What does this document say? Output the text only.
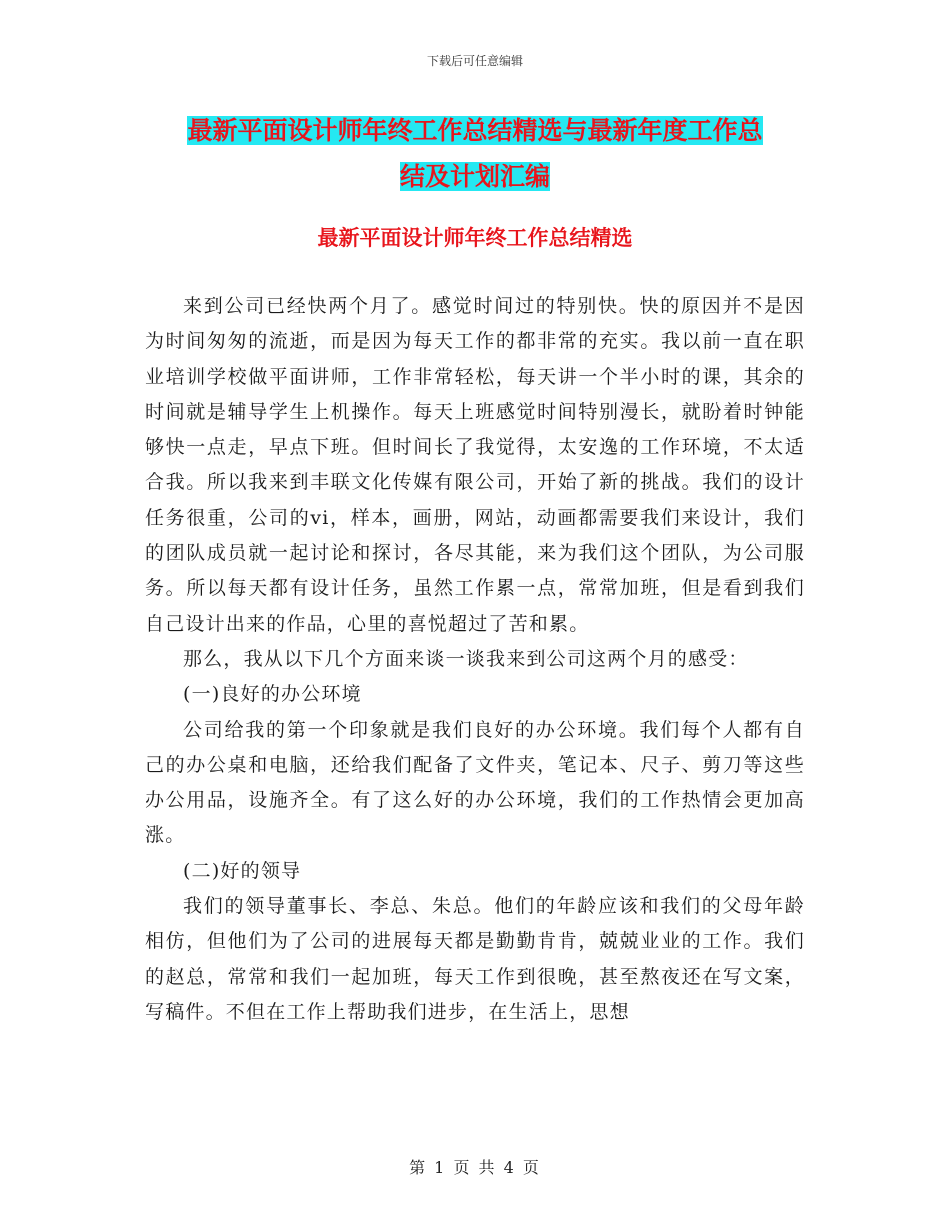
下载后可任意编辑
最新平面设计师年终工作总结精选与最新年度工作总
结及计划汇编
最新平面设计师年终工作总结精选

来到公司已经快两个月了。感觉时间过的特别快。快的原因并不是因为时间匆匆的流逝，而是因为每天工作的都非常的充实。我以前一直在职业培训学校做平面讲师，工作非常轻松，每天讲一个半小时的课，其余的时间就是辅导学生上机操作。每天上班感觉时间特别漫长，就盼着时钟能够快一点走，早点下班。但时间长了我觉得，太安逸的工作环境，不太适合我。所以我来到丰联文化传媒有限公司，开始了新的挑战。我们的设计任务很重，公司的vi，样本，画册，网站，动画都需要我们来设计，我们的团队成员就一起讨论和探讨，各尽其能，来为我们这个团队，为公司服务。所以每天都有设计任务，虽然工作累一点，常常加班，但是看到我们自己设计出来的作品，心里的喜悦超过了苦和累。

那么，我从以下几个方面来谈一谈我来到公司这两个月的感受：

(一)良好的办公环境

公司给我的第一个印象就是我们良好的办公环境。我们每个人都有自己的办公桌和电脑，还给我们配备了文件夹，笔记本、尺子、剪刀等这些办公用品，设施齐全。有了这么好的办公环境，我们的工作热情会更加高涨。

(二)好的领导

我们的领导董事长、李总、朱总。他们的年龄应该和我们的父母年龄相仿，但他们为了公司的进展每天都是勤勤肯肯，兢兢业业的工作。我们的赵总，常常和我们一起加班，每天工作到很晚，甚至熬夜还在写文案，写稿件。不但在工作上帮助我们进步，在生活上，思想

第 1 页 共 4 页
